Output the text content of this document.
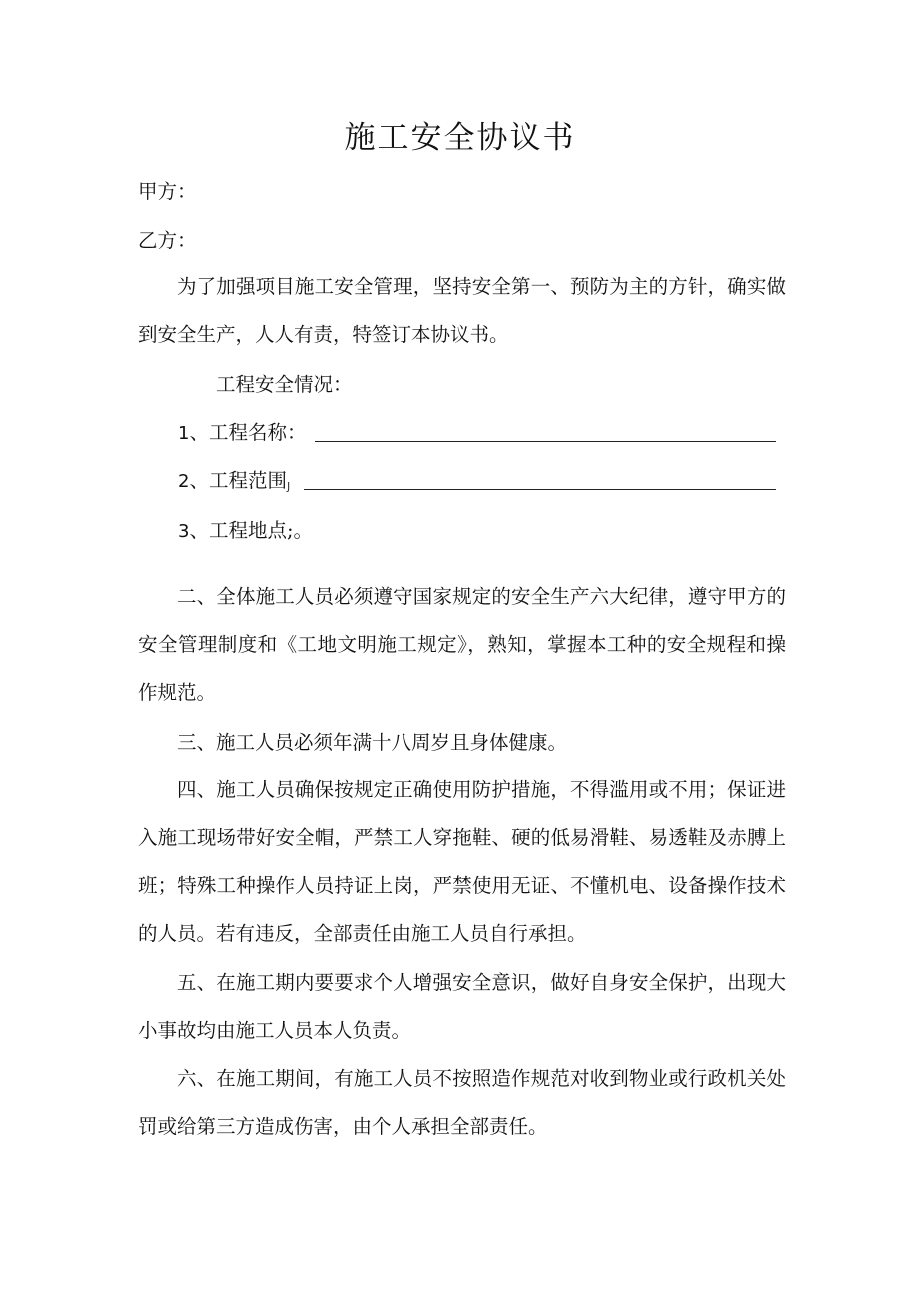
施工安全协议书
甲方：
乙方：
为了加强项目施工安全管理，坚持安全第一、预防为主的方针，确实做到安全生产，人人有责，特签订本协议书。
工程安全情况：
1、工程名称：
2、工程范围J
3、工程地点;。
二、全体施工人员必须遵守国家规定的安全生产六大纪律，遵守甲方的安全管理制度和《工地文明施工规定》，熟知，掌握本工种的安全规程和操作规范。
三、施工人员必须年满十八周岁且身体健康。
四、施工人员确保按规定正确使用防护措施，不得滥用或不用；保证进入施工现场带好安全帽，严禁工人穿拖鞋、硬的低易滑鞋、易透鞋及赤膊上班；特殊工种操作人员持证上岗，严禁使用无证、不懂机电、设备操作技术的人员。若有违反，全部责任由施工人员自行承担。
五、在施工期内要要求个人增强安全意识，做好自身安全保护，出现大小事故均由施工人员本人负责。
六、在施工期间，有施工人员不按照造作规范对收到物业或行政机关处罚或给第三方造成伤害，由个人承担全部责任。
